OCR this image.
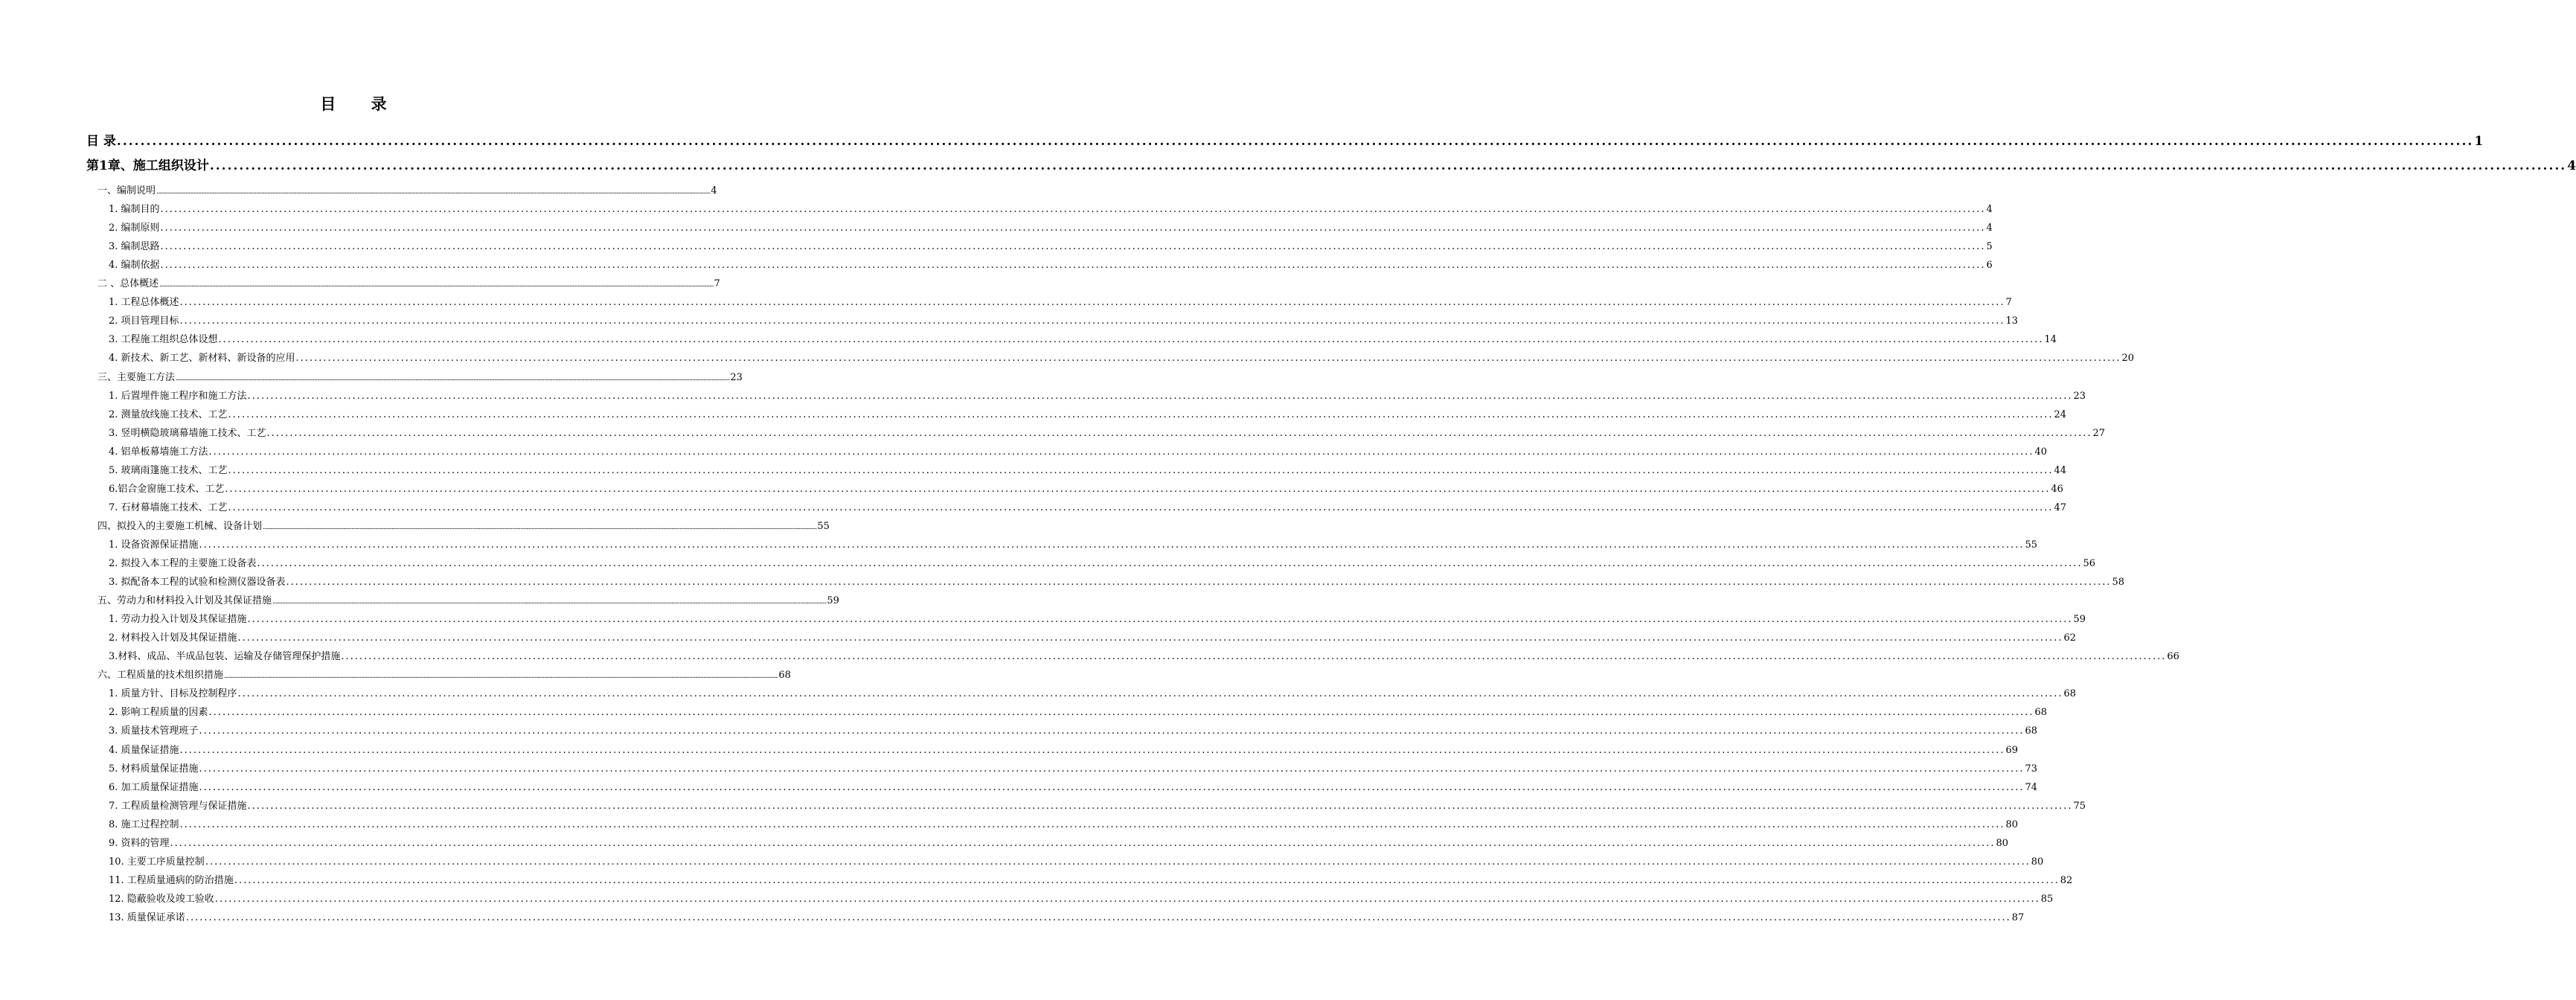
目 录
目 录 ................................................................................................................................................................................................................................................................................................................................................................................................................ 1
第1章、施工组织设计 ................................................................................................................................................................................................................................................................................................................................................................................................................ 4
一、编制说明 ................................................................................................................................................................................................................................................................................................................................................................................................................ 4
1. 编制目的 ................................................................................................................................................................................................................................................................................................................................................................................................................ 4
2. 编制原则 ................................................................................................................................................................................................................................................................................................................................................................................................................ 4
3. 编制思路 ................................................................................................................................................................................................................................................................................................................................................................................................................ 5
4. 编制依据 ................................................................................................................................................................................................................................................................................................................................................................................................................ 6
二 、总体概述 ................................................................................................................................................................................................................................................................................................................................................................................................................ 7
1. 工程总体概述 ................................................................................................................................................................................................................................................................................................................................................................................................................ 7
2. 项目管理目标 ................................................................................................................................................................................................................................................................................................................................................................................................................ 13
3. 工程施工组织总体设想 ................................................................................................................................................................................................................................................................................................................................................................................................................ 14
4. 新技术、新工艺、新材料、新设备的应用 ................................................................................................................................................................................................................................................................................................................................................................................................................ 20
三、主要施工方法 ................................................................................................................................................................................................................................................................................................................................................................................................................ 23
1. 后置埋件施工程序和施工方法 ................................................................................................................................................................................................................................................................................................................................................................................................................ 23
2. 测量放线施工技术、工艺 ................................................................................................................................................................................................................................................................................................................................................................................................................ 24
3. 竖明横隐玻璃幕墙施工技术、工艺 ................................................................................................................................................................................................................................................................................................................................................................................................................ 27
4. 铝单板幕墙施工方法 ................................................................................................................................................................................................................................................................................................................................................................................................................ 40
5. 玻璃雨篷施工技术、工艺 ................................................................................................................................................................................................................................................................................................................................................................................................................ 44
6.铝合金窗施工技术、工艺 ................................................................................................................................................................................................................................................................................................................................................................................................................ 46
7. 石材幕墙施工技术、工艺 ................................................................................................................................................................................................................................................................................................................................................................................................................ 47
四、拟投入的主要施工机械、设备计划 ................................................................................................................................................................................................................................................................................................................................................................................................................ 55
1. 设备资源保证措施 ................................................................................................................................................................................................................................................................................................................................................................................................................ 55
2. 拟投入本工程的主要施工设备表 ................................................................................................................................................................................................................................................................................................................................................................................................................ 56
3. 拟配备本工程的试验和检测仪器设备表 ................................................................................................................................................................................................................................................................................................................................................................................................................ 58
五、劳动力和材料投入计划及其保证措施 ................................................................................................................................................................................................................................................................................................................................................................................................................ 59
1. 劳动力投入计划及其保证措施 ................................................................................................................................................................................................................................................................................................................................................................................................................ 59
2. 材料投入计划及其保证措施 ................................................................................................................................................................................................................................................................................................................................................................................................................ 62
3.材料、成品、半成品包装、运输及存储管理保护措施 ................................................................................................................................................................................................................................................................................................................................................................................................................ 66
六、工程质量的技术组织措施 ................................................................................................................................................................................................................................................................................................................................................................................................................ 68
1. 质量方针、目标及控制程序 ................................................................................................................................................................................................................................................................................................................................................................................................................ 68
2. 影响工程质量的因素 ................................................................................................................................................................................................................................................................................................................................................................................................................ 68
3. 质量技术管理班子 ................................................................................................................................................................................................................................................................................................................................................................................................................ 68
4. 质量保证措施 ................................................................................................................................................................................................................................................................................................................................................................................................................ 69
5. 材料质量保证措施 ................................................................................................................................................................................................................................................................................................................................................................................................................ 73
6. 加工质量保证措施 ................................................................................................................................................................................................................................................................................................................................................................................................................ 74
7. 工程质量检测管理与保证措施 ................................................................................................................................................................................................................................................................................................................................................................................................................ 75
8. 施工过程控制 ................................................................................................................................................................................................................................................................................................................................................................................................................ 80
9. 资料的管理 ................................................................................................................................................................................................................................................................................................................................................................................................................ 80
10. 主要工序质量控制 ................................................................................................................................................................................................................................................................................................................................................................................................................ 80
11. 工程质量通病的防治措施 ................................................................................................................................................................................................................................................................................................................................................................................................................ 82
12. 隐蔽验收及竣工验收 ................................................................................................................................................................................................................................................................................................................................................................................................................ 85
13. 质量保证承诺 ................................................................................................................................................................................................................................................................................................................................................................................................................ 87
